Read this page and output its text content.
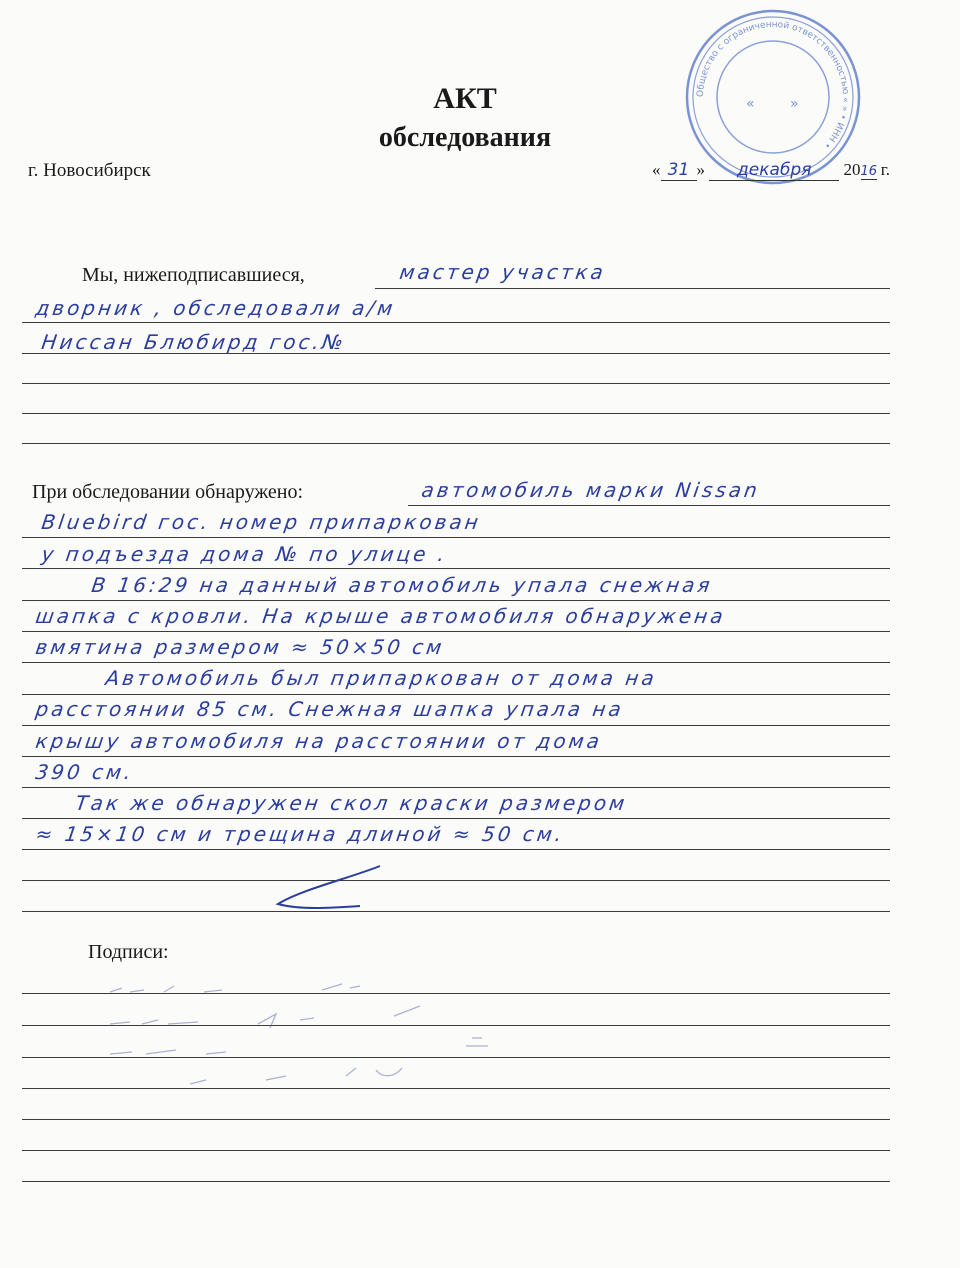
Общество с ограниченной ответственностью « » • ИНН •
«	»
АКТ
обследования
г. Новосибирск	« 31 » декабря 2016 г.
Мы, нижеподписавшиеся,	мастер участка
дворник , обследовали а/м
Ниссан Блюбирд гос.№
При обследовании обнаружено:	автомобиль марки Nissan
Bluebird гос. номер припаркован
у подъезда дома № по улице .
В 16:29 на данный автомобиль упала снежная
шапка с кровли. На крыше автомобиля обнаружена
вмятина размером ≈ 50×50 см
Автомобиль был припаркован от дома на
расстоянии 85 см. Снежная шапка упала на
крышу автомобиля на расстоянии от дома
390 см.
Так же обнаружен скол краски размером
≈ 15×10 см и трещина длиной ≈ 50 см.
Подписи:
